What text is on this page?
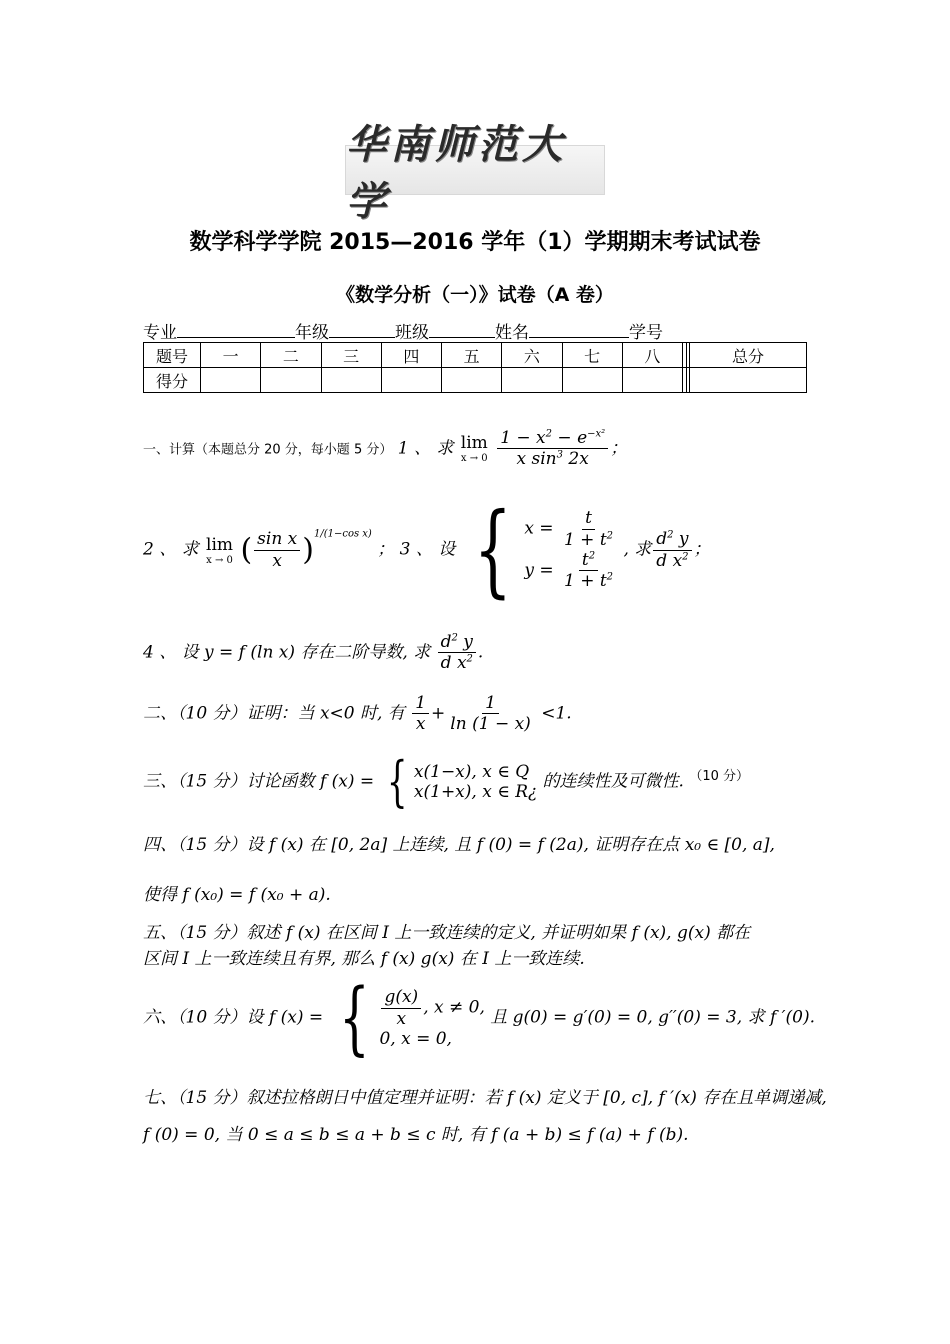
华南师范大学
数学科学学院 2015—2016 学年（1）学期期末考试试卷
《数学分析（一）》试卷（A 卷）
专业	年级	班级	姓名	学号
题号	一	二	三	四	五	六	七	八			总分
得分											
一、计算（本题总分 20 分，每小题 5 分） 1 、 求 lim
x → 0
$\frac{1 - x^2 - e^{-x^2}}{x \sin^3 2x}$ ；
2 、 求 lim
x → 0 ( $\frac{\text{sin x}}{x} )^{1/(1-cos x)}$ ； 3 、 设 { $x = \frac{t}{1 + t^2}$
$y = \frac{t^2}{1 + t^2}$
, 求 $\frac{d^2 y}{d x^2}$ ；
4 、 设 y = f (ln x) 存在二阶导数, 求 $\frac{d^2 y}{d x^2}$ .
二、（10 分）证明：当 x<0 时, 有 $\frac{1}{x} + \frac{1}{\ln (1 - x)} <1$.
三、（15 分）讨论函数 f (x) = { x(1−x), x ∈ Q
x(1+x), x ∈ R¿
的连续性及可微性. $^{(10 分)}$
四、（15 分）设 f (x) 在 [0, 2a] 上连续, 且 f (0) = f (2a), 证明存在点 x₀ ∈ [0, a],
使得 f (x₀) = f (x₀ + a).
五、（15 分）叙述 f (x) 在区间 I 上一致连续的定义, 并证明如果 f (x), g(x) 都在
区间 I 上一致连续且有界, 那么 f (x) g(x) 在 I 上一致连续.
六、（10 分）设 f (x) = { $\frac{g(x)}{x}$ , x ≠ 0,
0, x = 0,
且 g(0) = g′(0) = 0, g′′(0) = 3, 求 f ′(0).
七、（15 分）叙述拉格朗日中值定理并证明：若 f (x) 定义于 [0, c], f ′(x) 存在且单调递减,
f (0) = 0, 当 0 ≤ a ≤ b ≤ a + b ≤ c 时, 有 f (a + b) ≤ f (a) + f (b).
